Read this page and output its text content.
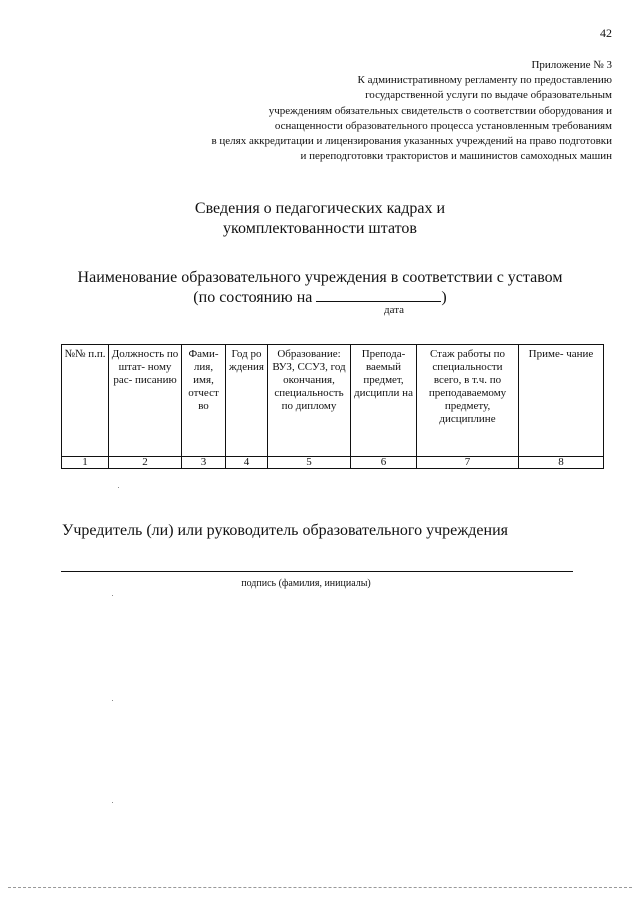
42
Приложение № 3
К административному регламенту по предоставлению
государственной услуги по выдаче образовательным
учреждениям обязательных свидетельств о соответствии оборудования и
оснащенности образовательного процесса установленным требованиям
в целях аккредитации и лицензирования указанных учреждений на право подготовки
и переподготовки трактористов и машинистов самоходных машин
Сведения о педагогических кадрах и
укомплектованности штатов
Наименование образовательного учреждения в соответствии с уставом
(по состоянию на	)
дата
№№ п.п.	Должность по штат- ному рас- писанию	Фами- лия, имя, отчест во	Год ро ждения	Образование: ВУЗ, ССУЗ, год окончания, специальность по диплому	Препода- ваемый предмет, дисципли на	Стаж работы по специальности всего, в т.ч. по преподаваемому предмету, дисциплине	Приме- чание
1	2	3	4	5	6	7	8
Учредитель (ли) или руководитель образовательного учреждения
подпись (фамилия, инициалы)
